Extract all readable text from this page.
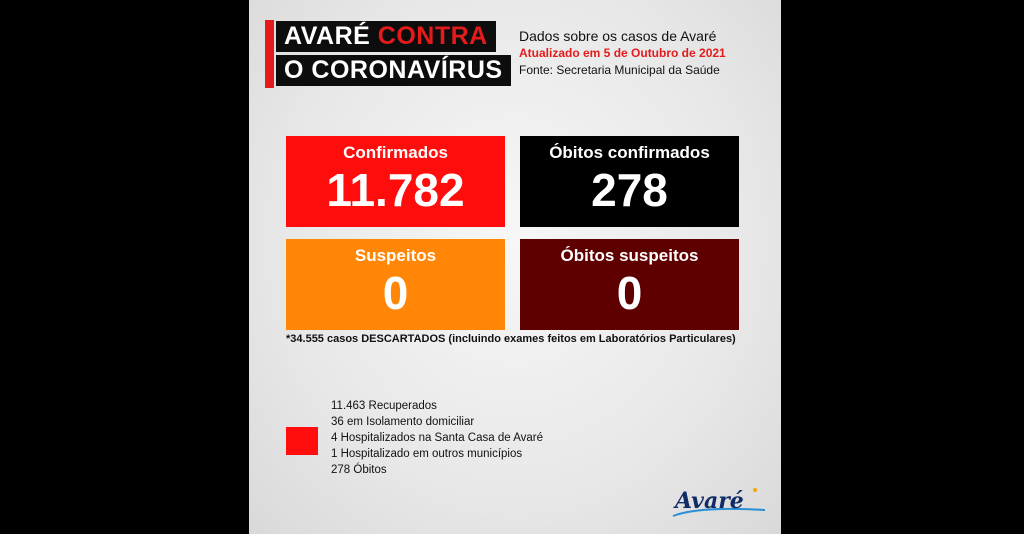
AVARÉ CONTRA
O CORONAVÍRUS
Dados sobre os casos de Avaré
Atualizado em 5 de Outubro de 2021
Fonte: Secretaria Municipal da Saúde
Confirmados
11.782
Óbitos confirmados
278
Suspeitos
0
Óbitos suspeitos
0
*34.555 casos DESCARTADOS (incluindo exames feitos em Laboratórios Particulares)
11.463 Recuperados
36 em Isolamento domiciliar
4 Hospitalizados na Santa Casa de Avaré
1 Hospitalizado em outros municípios
278 Óbitos
Avaré
